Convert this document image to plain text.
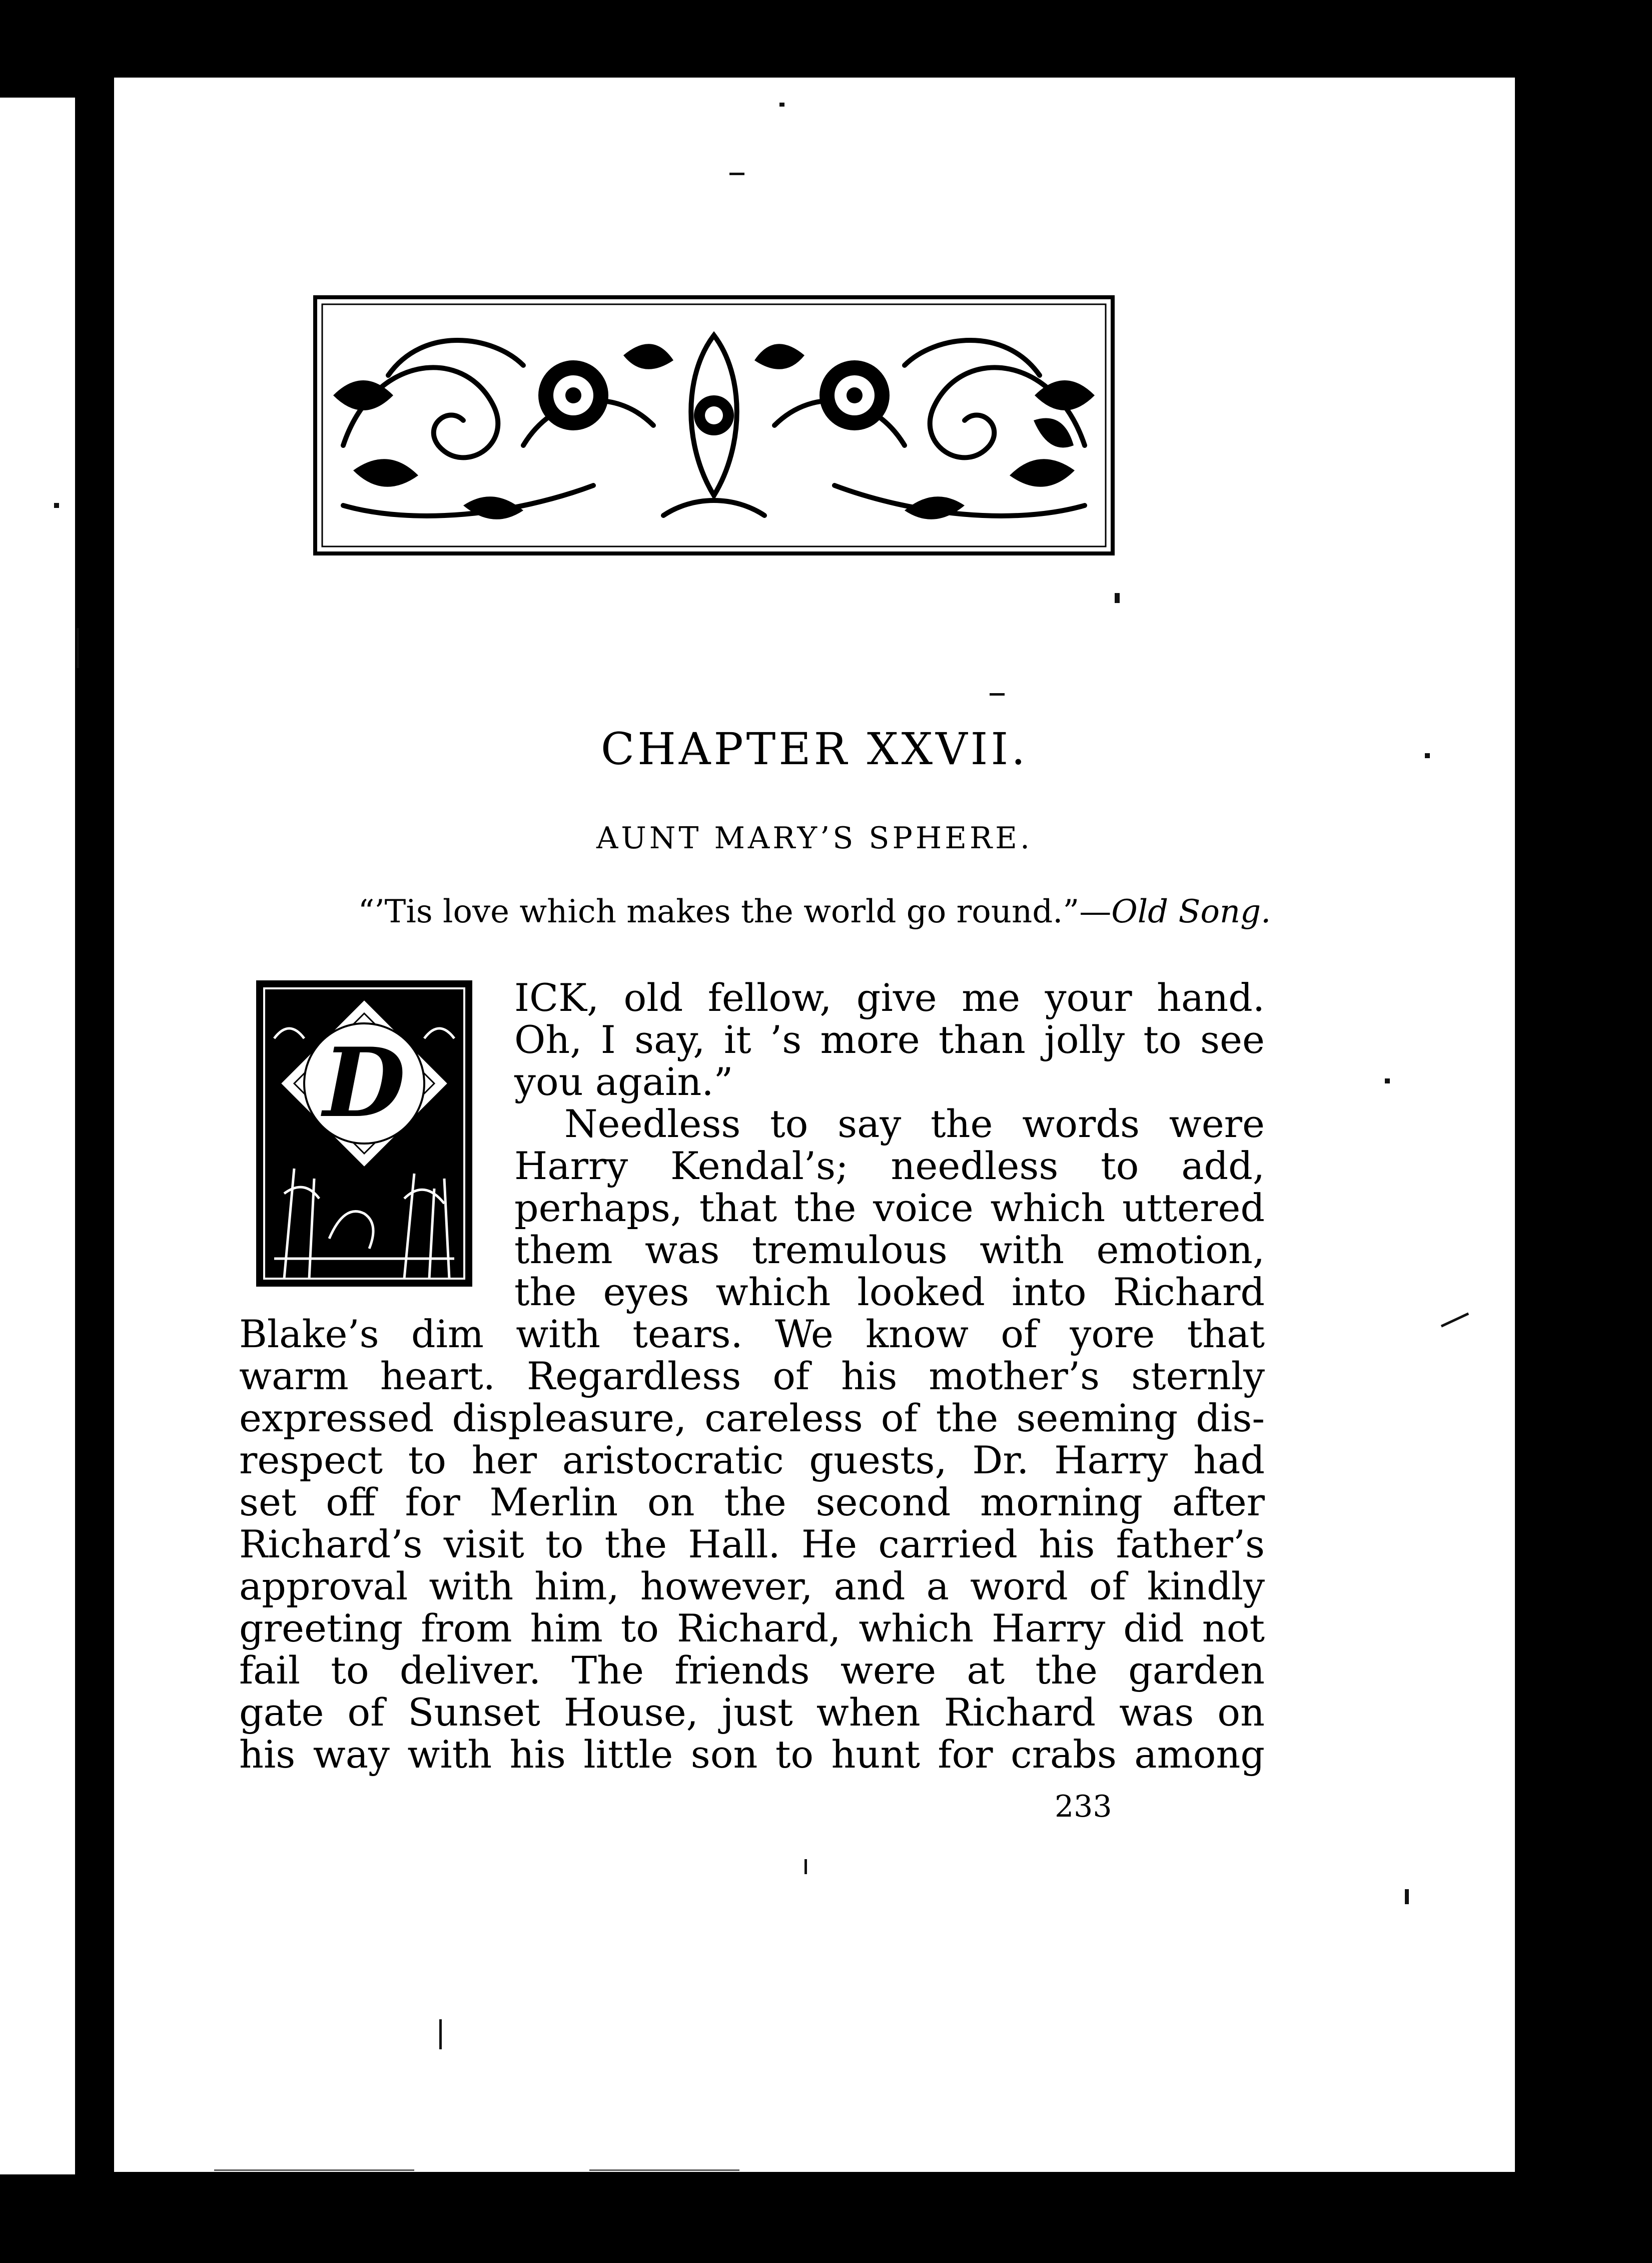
CHAPTER XXVII.
AUNT MARY’S SPHERE.

“’Tis love which makes the world go round.”—Old Song.

D

ICK, old fellow, give me your hand.

Oh, I say, it ’s more than jolly to see

you again.”

Needless to say the words were

Harry Kendal’s; needless to add,

perhaps, that the voice which uttered

them was tremulous with emotion,

the eyes which looked into Richard

Blake’s dim with tears. We know of yore that

warm heart. Regardless of his mother’s sternly

expressed displeasure, careless of the seeming dis-

respect to her aristocratic guests, Dr. Harry had

set off for Merlin on the second morning after

Richard’s visit to the Hall. He carried his father’s

approval with him, however, and a word of kindly

greeting from him to Richard, which Harry did not

fail to deliver. The friends were at the garden

gate of Sunset House, just when Richard was on

his way with his little son to hunt for crabs among

233
